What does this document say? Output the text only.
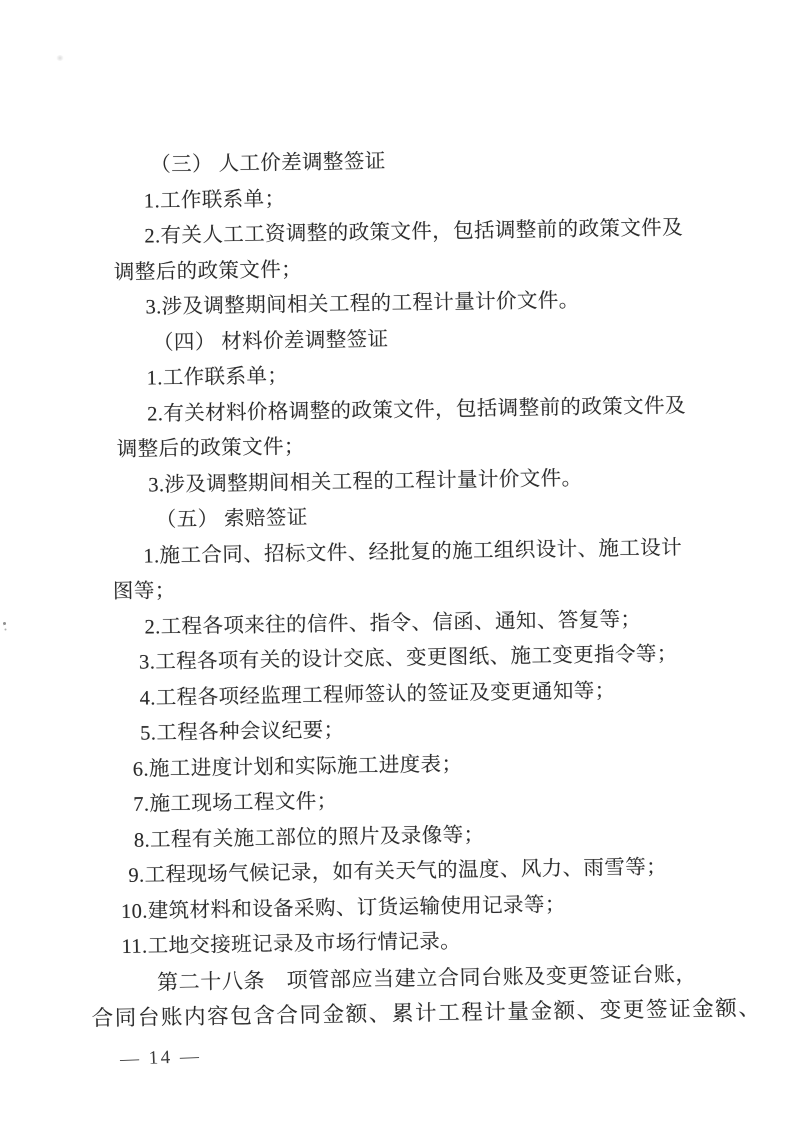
（三） 人工价差调整签证
1.工作联系单；
2.有关人工工资调整的政策文件，包括调整前的政策文件及
调整后的政策文件；
3.涉及调整期间相关工程的工程计量计价文件。
（四） 材料价差调整签证
1.工作联系单；
2.有关材料价格调整的政策文件，包括调整前的政策文件及
调整后的政策文件；
3.涉及调整期间相关工程的工程计量计价文件。
（五） 索赔签证
1.施工合同、招标文件、经批复的施工组织设计、施工设计
图等；
2.工程各项来往的信件、指令、信函、通知、答复等；
3.工程各项有关的设计交底、变更图纸、施工变更指令等；
4.工程各项经监理工程师签认的签证及变更通知等；
5.工程各种会议纪要；
6.施工进度计划和实际施工进度表；
7.施工现场工程文件；
8.工程有关施工部位的照片及录像等；
9.工程现场气候记录，如有关天气的温度、风力、雨雪等；
10.建筑材料和设备采购、订货运输使用记录等；
11.工地交接班记录及市场行情记录。
第二十八条　项管部应当建立合同台账及变更签证台账，
合同台账内容包含合同金额、累计工程计量金额、变更签证金额、
— 14 —
